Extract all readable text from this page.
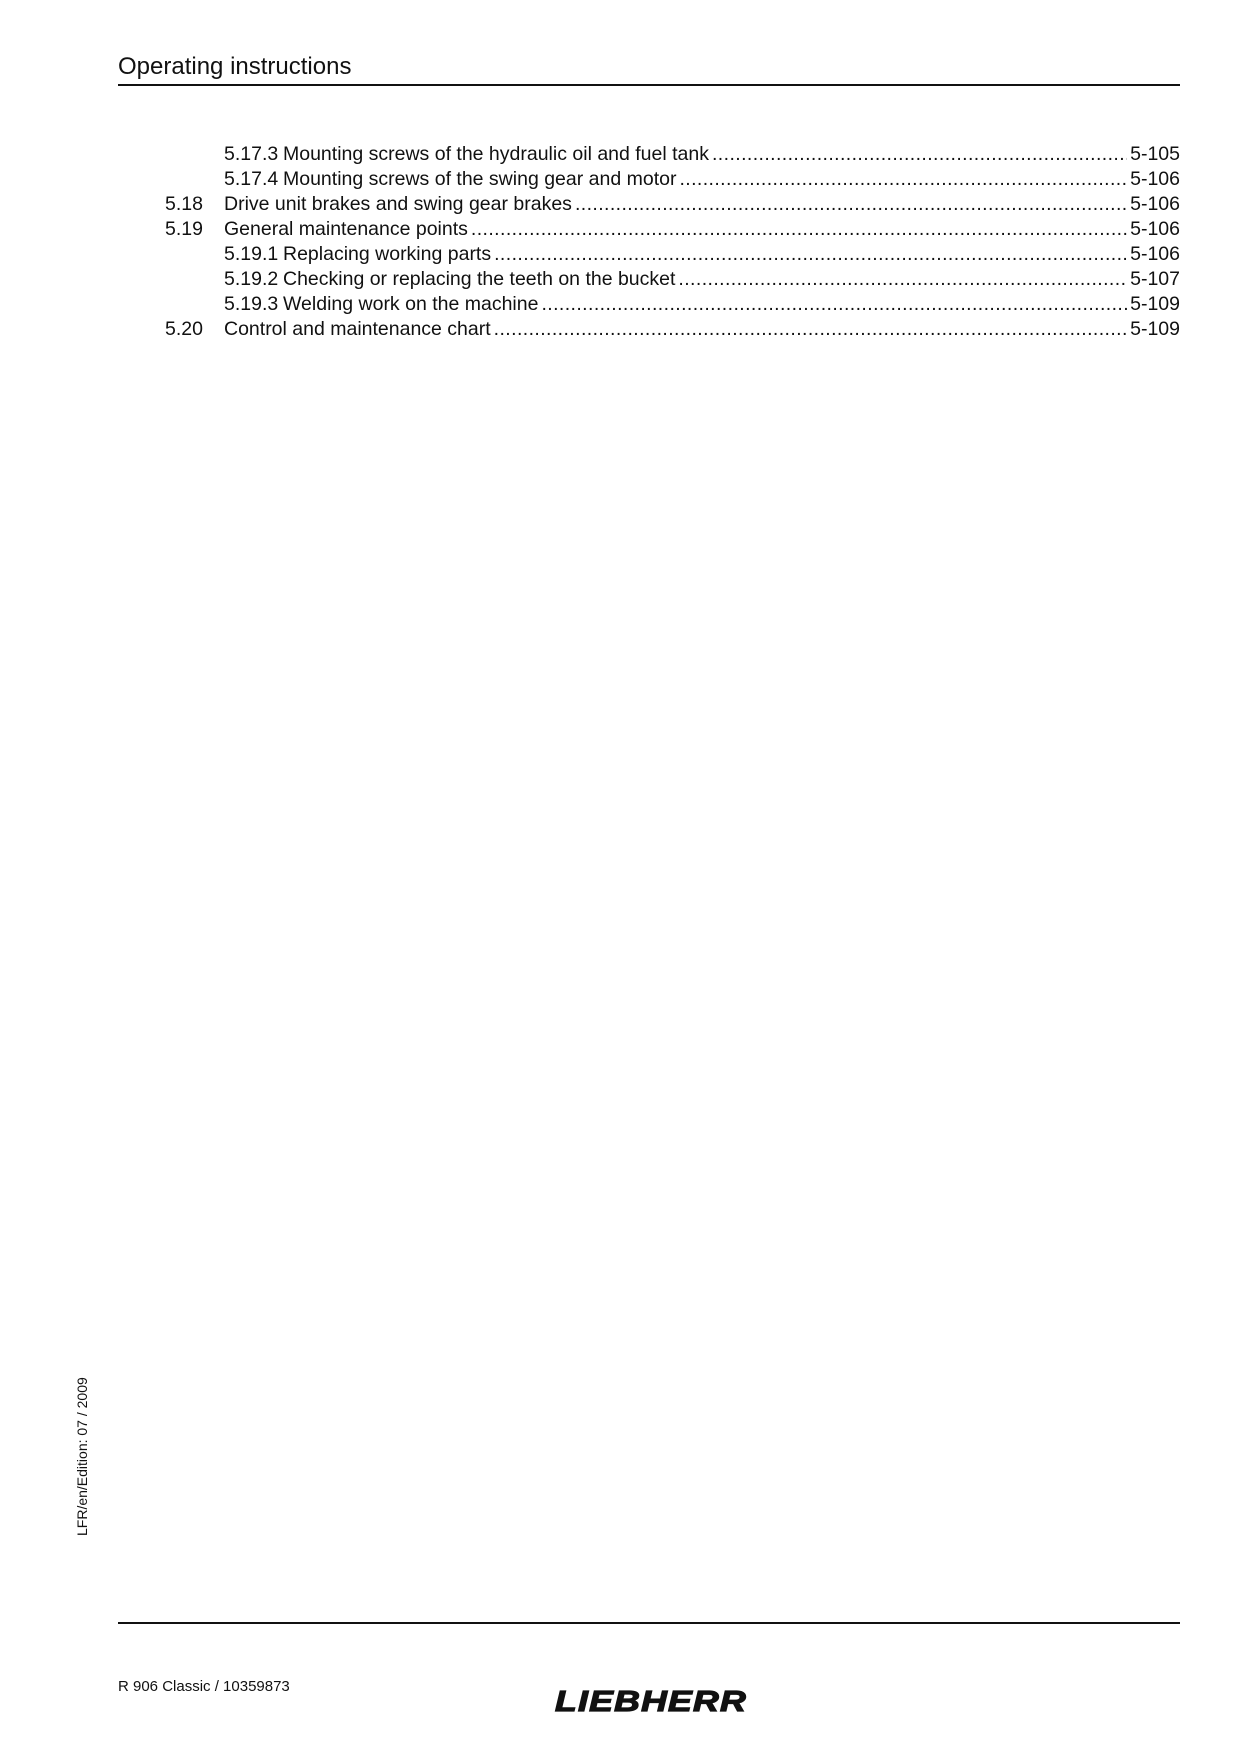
Operating instructions
5.17.3 Mounting screws of the hydraulic oil and fuel tank .....	5-105
5.17.4 Mounting screws of the swing gear and motor .....	5-106
5.18 Drive unit brakes and swing gear brakes .....	5-106
5.19 General maintenance points .....	5-106
5.19.1 Replacing working parts .....	5-106
5.19.2 Checking or replacing the teeth on the bucket .....	5-107
5.19.3 Welding work on the machine .....	5-109
5.20 Control and maintenance chart .....	5-109
LFR/en/Edition: 07 / 2009
R 906 Classic / 10359873	LIEBHERR
